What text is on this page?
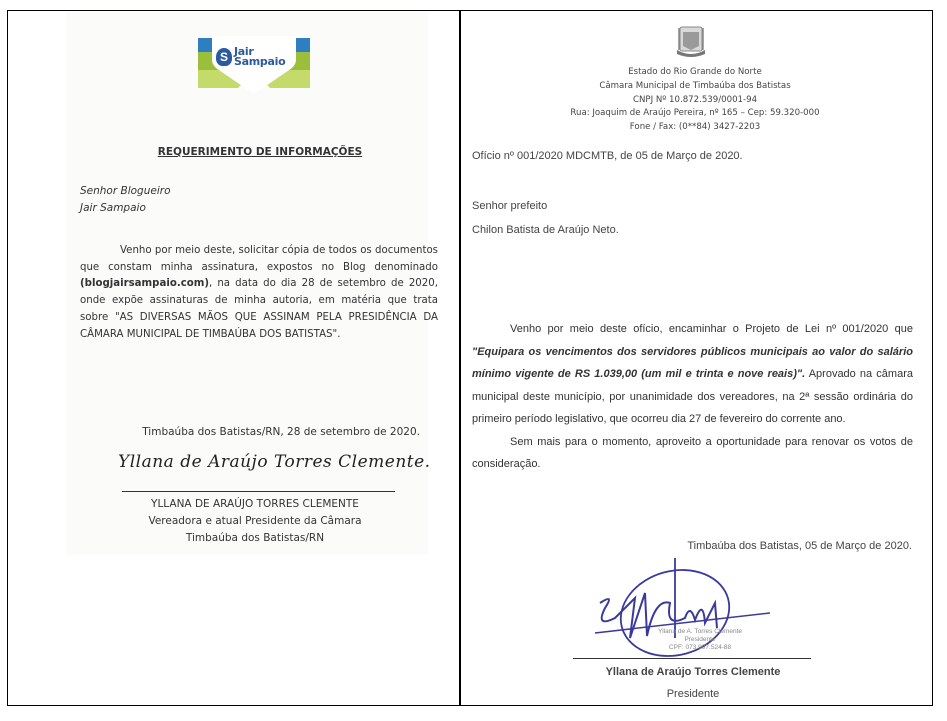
S Jair
Sampaio
REQUERIMENTO DE INFORMAÇÕES
Senhor Blogueiro
Jair Sampaio

Venho por meio deste, solicitar cópia de todos os documentos que constam minha assinatura, expostos no Blog denominado (blogjairsampaio.com), na data do dia 28 de setembro de 2020, onde expõe assinaturas de minha autoria, em matéria que trata sobre "AS DIVERSAS MÃOS QUE ASSINAM PELA PRESIDÊNCIA DA CÂMARA MUNICIPAL DE TIMBAÚBA DOS BATISTAS".

Timbaúba dos Batistas/RN, 28 de setembro de 2020.
Yllana de Araújo Torres Clemente.
YLLANA DE ARAÚJO TORRES CLEMENTE
Vereadora e atual Presidente da Câmara
Timbaúba dos Batistas/RN
Estado do Rio Grande do Norte
Câmara Municipal de Timbaúba dos Batistas
CNPJ Nº 10.872.539/0001-94
Rua: Joaquim de Araújo Pereira, nº 165 – Cep: 59.320-000
Fone / Fax: (0**84) 3427-2203
Ofício nº 001/2020 MDCMTB, de 05 de Março de 2020.
Senhor prefeito
Chilon Batista de Araújo Neto.

Venho por meio deste ofício, encaminhar o Projeto de Lei nº 001/2020 que "Equipara os vencimentos dos servidores públicos municipais ao valor do salário mínimo vigente de RS 1.039,00 (um mil e trinta e nove reais)". Aprovado na câmara municipal deste município, por unanimidade dos vereadores, na 2ª sessão ordinária do primeiro período legislativo, que ocorreu dia 27 de fevereiro do corrente ano.

Sem mais para o momento, aproveito a oportunidade para renovar os votos de consideração.

Timbaúba dos Batistas, 05 de Março de 2020.
Yllana de A. Torres Clemente
Presidente
CPF: 073.997.524-88
Yllana de Araújo Torres Clemente
Presidente
